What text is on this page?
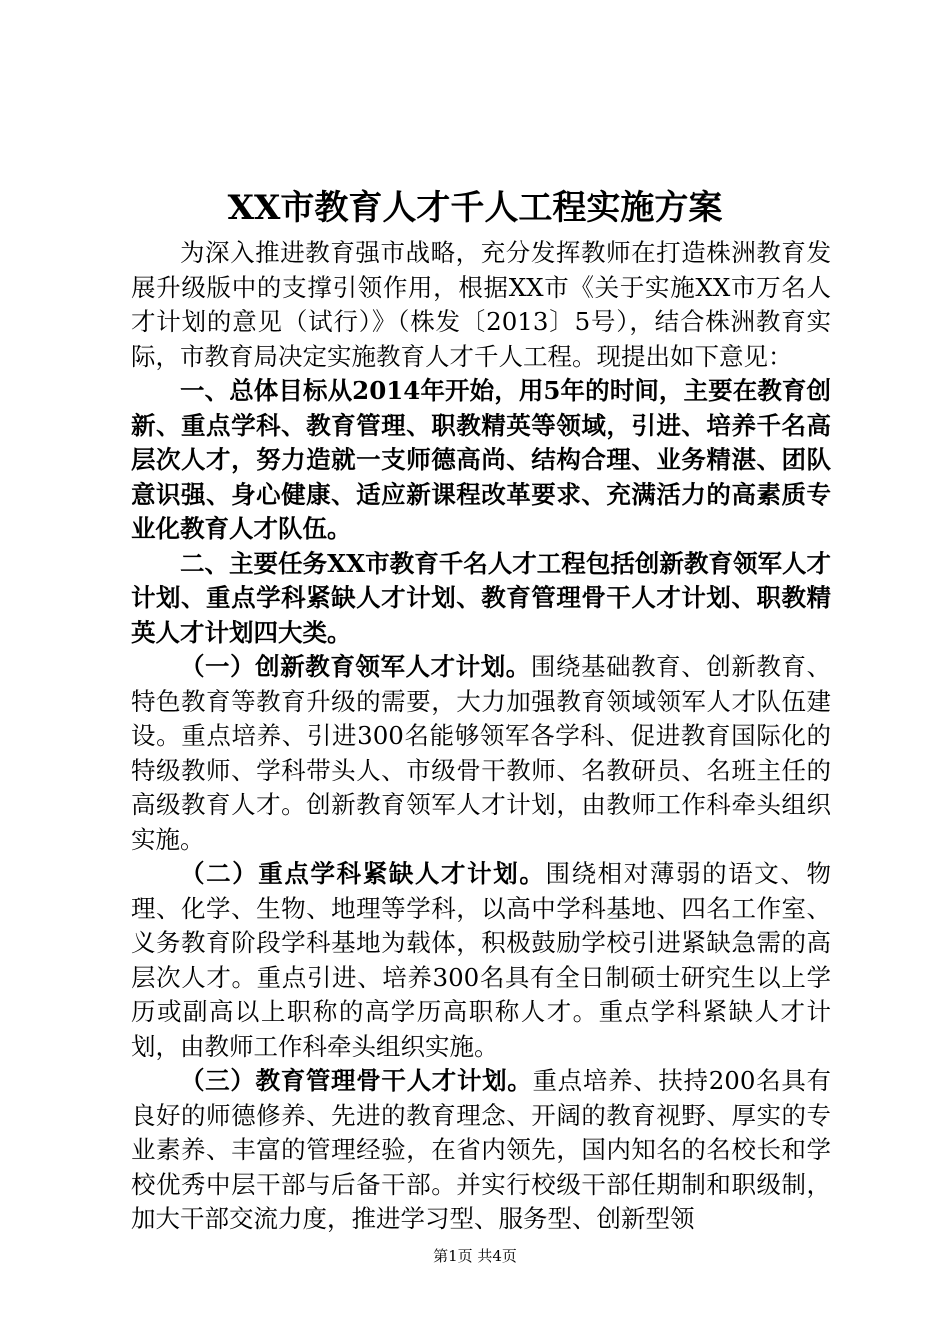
XX市教育人才千人工程实施方案

为深入推进教育强市战略，充分发挥教师在打造株洲教育发展升级版中的支撑引领作用，根据XX市《关于实施XX市万名人才计划的意见（试行）》（株发〔2013〕5号），结合株洲教育实际，市教育局决定实施教育人才千人工程。现提出如下意见：

一、总体目标从2014年开始，用5年的时间，主要在教育创新、重点学科、教育管理、职教精英等领域，引进、培养千名高层次人才，努力造就一支师德高尚、结构合理、业务精湛、团队意识强、身心健康、适应新课程改革要求、充满活力的高素质专业化教育人才队伍。

二、主要任务XX市教育千名人才工程包括创新教育领军人才计划、重点学科紧缺人才计划、教育管理骨干人才计划、职教精英人才计划四大类。

（一）创新教育领军人才计划。围绕基础教育、创新教育、特色教育等教育升级的需要，大力加强教育领域领军人才队伍建设。重点培养、引进300名能够领军各学科、促进教育国际化的特级教师、学科带头人、市级骨干教师、名教研员、名班主任的高级教育人才。创新教育领军人才计划，由教师工作科牵头组织实施。

（二）重点学科紧缺人才计划。围绕相对薄弱的语文、物理、化学、生物、地理等学科，以高中学科基地、四名工作室、义务教育阶段学科基地为载体，积极鼓励学校引进紧缺急需的高层次人才。重点引进、培养300名具有全日制硕士研究生以上学历或副高以上职称的高学历高职称人才。重点学科紧缺人才计划，由教师工作科牵头组织实施。

（三）教育管理骨干人才计划。重点培养、扶持200名具有良好的师德修养、先进的教育理念、开阔的教育视野、厚实的专业素养、丰富的管理经验，在省内领先，国内知名的名校长和学校优秀中层干部与后备干部。并实行校级干部任期制和职级制，加大干部交流力度，推进学习型、服务型、创新型领

第1页 共4页
